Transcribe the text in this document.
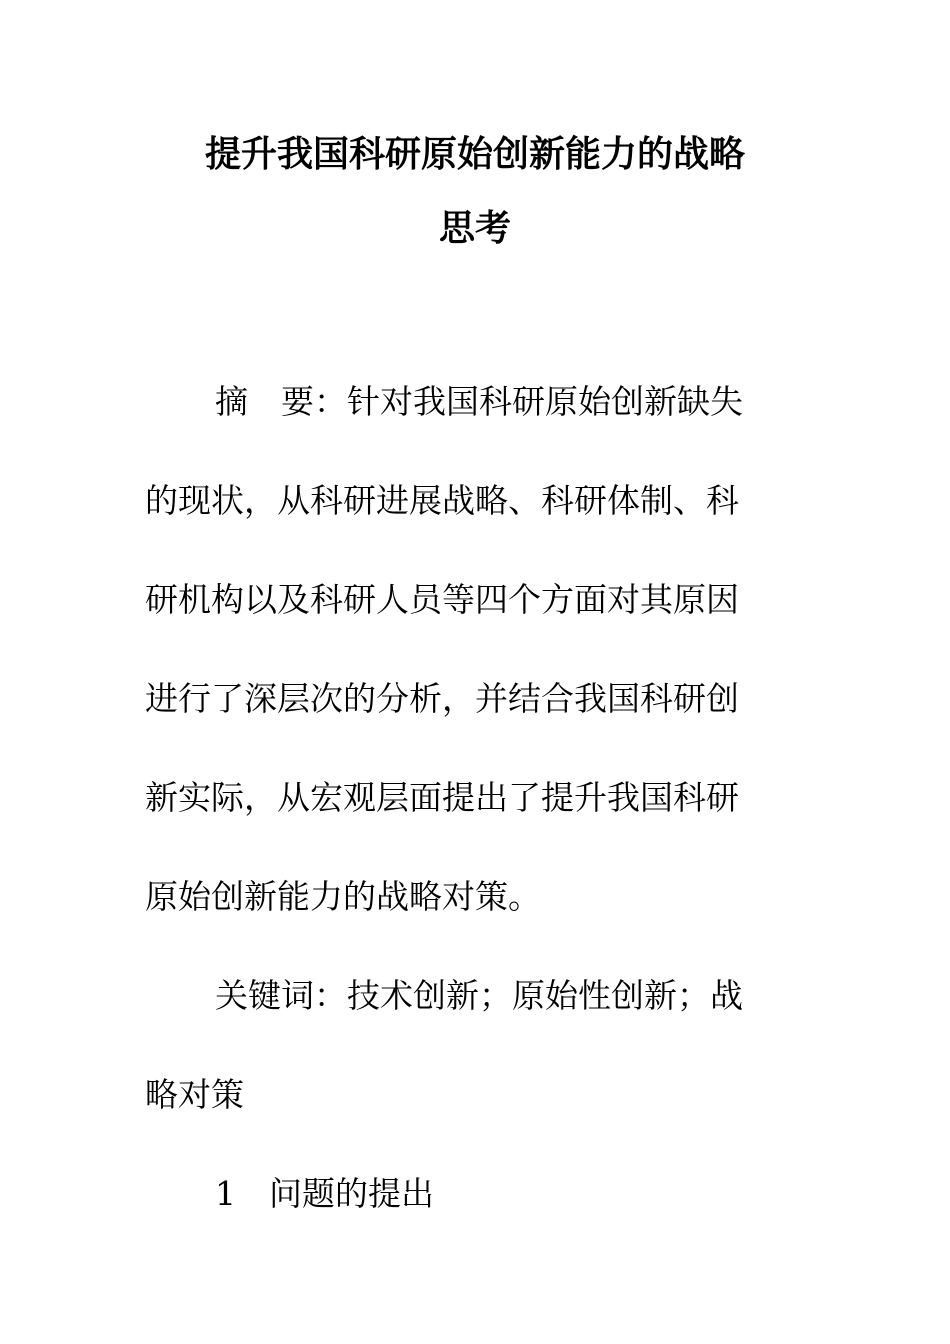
提升我国科研原始创新能力的战略
思考
摘　要：针对我国科研原始创新缺失
的现状，从科研进展战略、科研体制、科
研机构以及科研人员等四个方面对其原因
进行了深层次的分析，并结合我国科研创
新实际，从宏观层面提出了提升我国科研
原始创新能力的战略对策。
关键词：技术创新；原始性创新；战
略对策
1　问题的提出
